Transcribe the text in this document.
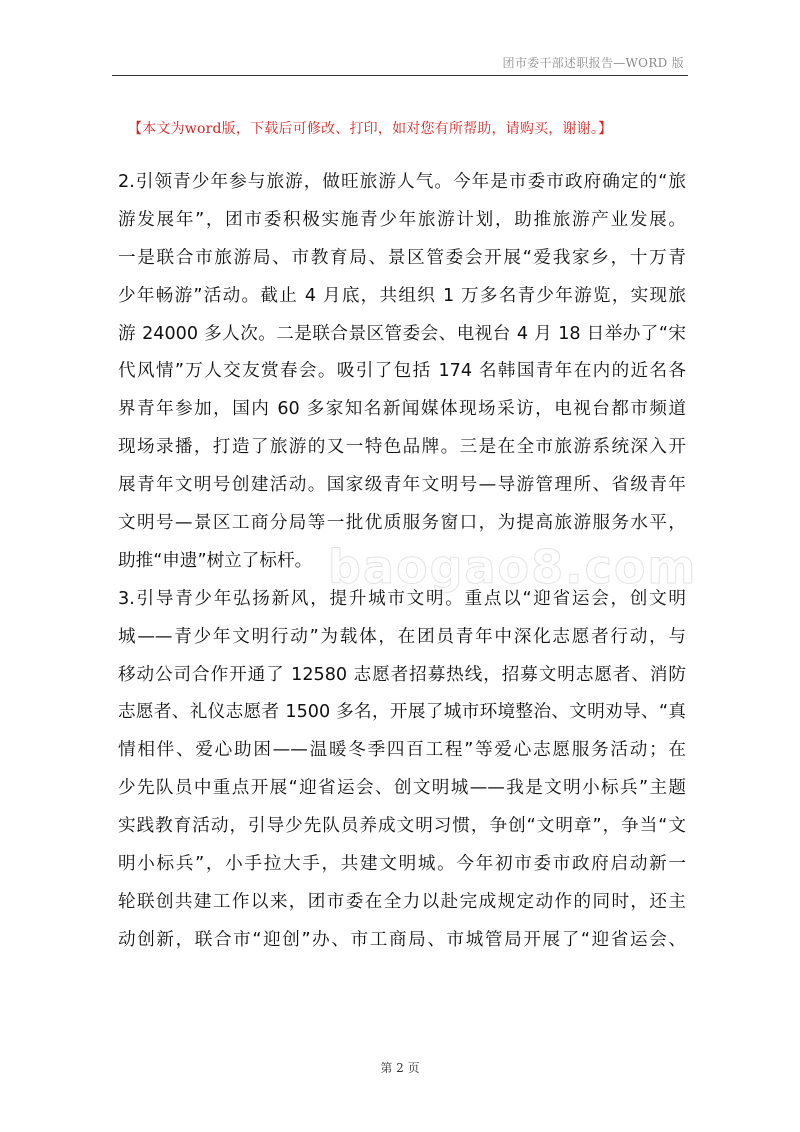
团市委干部述职报告—WORD 版
【本文为word版，下载后可修改、打印，如对您有所帮助，请购买，谢谢。】
baogao8.com
2.引领青少年参与旅游，做旺旅游人气。今年是市委市政府确定的“旅
游发展年”，团市委积极实施青少年旅游计划，助推旅游产业发展。
一是联合市旅游局、市教育局、景区管委会开展“爱我家乡，十万青
少年畅游”活动。截止 4 月底，共组织 1 万多名青少年游览，实现旅
游 24000 多人次。二是联合景区管委会、电视台 4 月 18 日举办了“宋
代风情”万人交友赏春会。吸引了包括 174 名韩国青年在内的近名各
界青年参加，国内 60 多家知名新闻媒体现场采访，电视台都市频道
现场录播，打造了旅游的又一特色品牌。三是在全市旅游系统深入开
展青年文明号创建活动。国家级青年文明号—导游管理所、省级青年
文明号—景区工商分局等一批优质服务窗口，为提高旅游服务水平，
助推“申遗”树立了标杆。
3.引导青少年弘扬新风，提升城市文明。重点以“迎省运会，创文明
城——青少年文明行动”为载体，在团员青年中深化志愿者行动，与
移动公司合作开通了 12580 志愿者招募热线，招募文明志愿者、消防
志愿者、礼仪志愿者 1500 多名，开展了城市环境整治、文明劝导、“真
情相伴、爱心助困——温暖冬季四百工程”等爱心志愿服务活动；在
少先队员中重点开展“迎省运会、创文明城——我是文明小标兵”主题
实践教育活动，引导少先队员养成文明习惯，争创“文明章”，争当“文
明小标兵”，小手拉大手，共建文明城。今年初市委市政府启动新一
轮联创共建工作以来，团市委在全力以赴完成规定动作的同时，还主
动创新，联合市“迎创”办、市工商局、市城管局开展了“迎省运会、
第 2 页
